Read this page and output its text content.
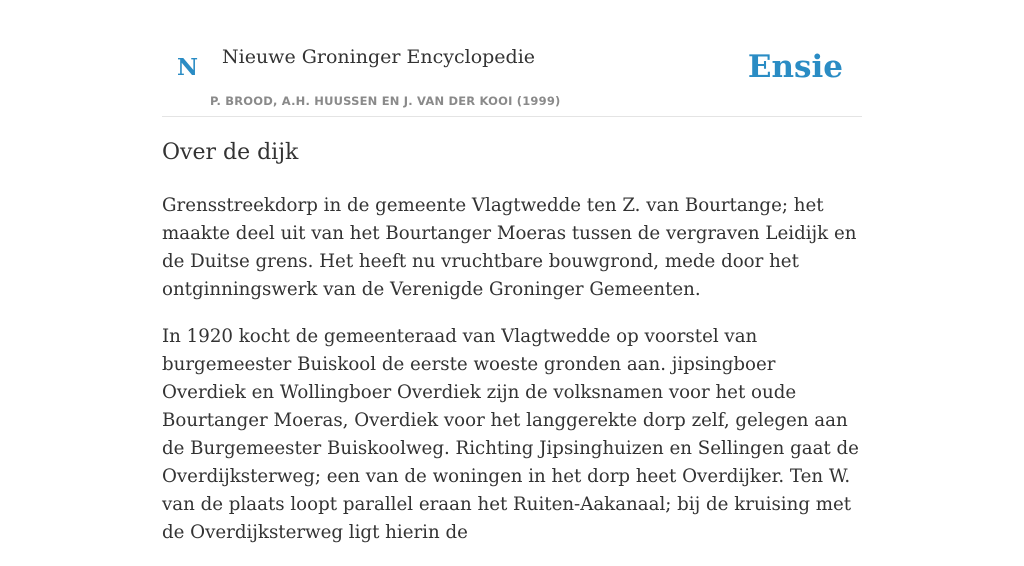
N Nieuwe Groninger Encyclopedie
P. BROOD, A.H. HUUSSEN EN J. VAN DER KOOI (1999)
Ensie
Over de dijk

Grensstreekdorp in de gemeente Vlagtwedde ten Z. van Bourtange; het maakte deel uit van het Bourtanger Moeras tussen de vergraven Leidijk en de Duitse grens. Het heeft nu vruchtbare bouwgrond, mede door het ontginningswerk van de Verenigde Groninger Gemeenten.

In 1920 kocht de gemeenteraad van Vlagtwedde op voorstel van burgemeester Buiskool de eerste woeste gronden aan. jipsingboer Overdiek en Wollingboer Overdiek zijn de volksnamen voor het oude Bourtanger Moeras, Overdiek voor het langgerekte dorp zelf, gelegen aan de Burgemeester Buiskoolweg. Richting Jipsinghuizen en Sellingen gaat de Overdijksterweg; een van de woningen in het dorp heet Overdijker. Ten W. van de plaats loopt parallel eraan het Ruiten-Aakanaal; bij de kruising met de Overdijksterweg ligt hierin de
